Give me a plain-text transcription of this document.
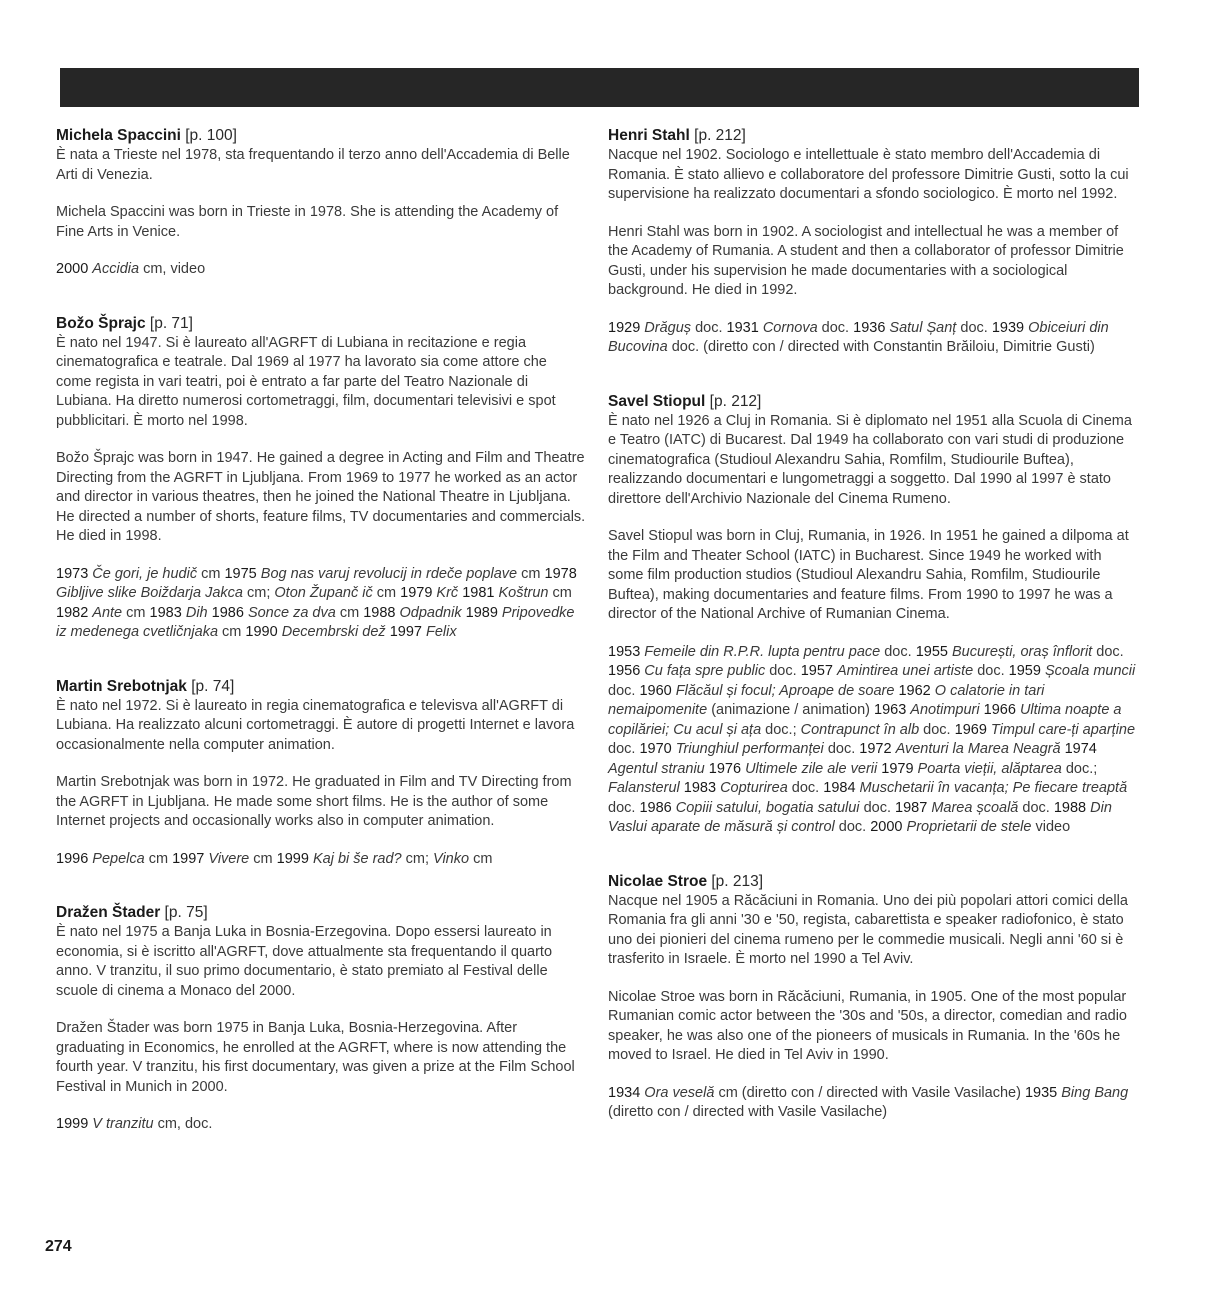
Michela Spaccini [p. 100]

È nata a Trieste nel 1978, sta frequentando il terzo anno dell'Accademia di Belle Arti di Venezia.

Michela Spaccini was born in Trieste in 1978. She is attending the Academy of Fine Arts in Venice.

2000 Accidia cm, video

Božo Šprajc [p. 71]

È nato nel 1947. Si è laureato all'AGRFT di Lubiana in recitazione e regia cinematografica e teatrale. Dal 1969 al 1977 ha lavorato sia come attore che come regista in vari teatri, poi è entrato a far parte del Teatro Nazionale di Lubiana. Ha diretto numerosi cortometraggi, film, documentari televisivi e spot pubblicitari. È morto nel 1998.

Božo Šprajc was born in 1947. He gained a degree in Acting and Film and Theatre Directing from the AGRFT in Ljubljana. From 1969 to 1977 he worked as an actor and director in various theatres, then he joined the National Theatre in Ljubljana. He directed a number of shorts, feature films, TV documentaries and commercials. He died in 1998.

1973 Če gori, je hudič cm 1975 Bog nas varuj revolucij in rdeče poplave cm 1978 Gibljive slike Boiždarja Jakca cm; Oton Županč ič cm 1979 Krč 1981 Koštrun cm 1982 Ante cm 1983 Dih 1986 Sonce za dva cm 1988 Odpadnik 1989 Pripovedke iz medenega cvetličnjaka cm 1990 Decembrski dež 1997 Felix

Martin Srebotnjak [p. 74]

È nato nel 1972. Si è laureato in regia cinematografica e televisva all'AGRFT di Lubiana. Ha realizzato alcuni cortometraggi. È autore di progetti Internet e lavora occasionalmente nella computer animation.

Martin Srebotnjak was born in 1972. He graduated in Film and TV Directing from the AGRFT in Ljubljana. He made some short films. He is the author of some Internet projects and occasionally works also in computer animation.

1996 Pepelca cm 1997 Vivere cm 1999 Kaj bi še rad? cm; Vinko cm

Dražen Štader [p. 75]

È nato nel 1975 a Banja Luka in Bosnia-Erzegovina. Dopo essersi laureato in economia, si è iscritto all'AGRFT, dove attualmente sta frequentando il quarto anno. V tranzitu, il suo primo documentario, è stato premiato al Festival delle scuole di cinema a Monaco del 2000.

Dražen Štader was born 1975 in Banja Luka, Bosnia-Herzegovina. After graduating in Economics, he enrolled at the AGRFT, where is now attending the fourth year. V tranzitu, his first documentary, was given a prize at the Film School Festival in Munich in 2000.

1999 V tranzitu cm, doc.

Henri Stahl [p. 212]

Nacque nel 1902. Sociologo e intellettuale è stato membro dell'Accademia di Romania. È stato allievo e collaboratore del professore Dimitrie Gusti, sotto la cui supervisione ha realizzato documentari a sfondo sociologico. È morto nel 1992.

Henri Stahl was born in 1902. A sociologist and intellectual he was a member of the Academy of Rumania. A student and then a collaborator of professor Dimitrie Gusti, under his supervision he made documentaries with a sociological background. He died in 1992.

1929 Drăguș doc. 1931 Cornova doc. 1936 Satul Șanț doc. 1939 Obiceiuri din Bucovina doc. (diretto con / directed with Constantin Brăiloiu, Dimitrie Gusti)

Savel Stiopul [p. 212]

È nato nel 1926 a Cluj in Romania. Si è diplomato nel 1951 alla Scuola di Cinema e Teatro (IATC) di Bucarest. Dal 1949 ha collaborato con vari studi di produzione cinematografica (Studioul Alexandru Sahia, Romfilm, Studiourile Buftea), realizzando documentari e lungometraggi a soggetto. Dal 1990 al 1997 è stato direttore dell'Archivio Nazionale del Cinema Rumeno.

Savel Stiopul was born in Cluj, Rumania, in 1926. In 1951 he gained a dilpoma at the Film and Theater School (IATC) in Bucharest. Since 1949 he worked with some film production studios (Studioul Alexandru Sahia, Romfilm, Studiourile Buftea), making documentaries and feature films. From 1990 to 1997 he was a director of the National Archive of Rumanian Cinema.

1953 Femeile din R.P.R. lupta pentru pace doc. 1955 București, oraș înflorit doc. 1956 Cu fața spre public doc. 1957 Amintirea unei artiste doc. 1959 Școala muncii doc. 1960 Flăcăul și focul; Aproape de soare 1962 O calatorie in tari nemaipomenite (animazione / animation) 1963 Anotimpuri 1966 Ultima noapte a copilăriei; Cu acul și ața doc.; Contrapunct în alb doc. 1969 Timpul care-ți aparține doc. 1970 Triunghiul performanței doc. 1972 Aventuri la Marea Neagră 1974 Agentul straniu 1976 Ultimele zile ale verii 1979 Poarta vieții, alăptarea doc.; Falansterul 1983 Copturirea doc. 1984 Muschetarii în vacanța; Pe fiecare treaptă doc. 1986 Copiii satului, bogatia satului doc. 1987 Marea școală doc. 1988 Din Vaslui aparate de măsură și control doc. 2000 Proprietarii de stele video

Nicolae Stroe [p. 213]

Nacque nel 1905 a Răcăciuni in Romania. Uno dei più popolari attori comici della Romania fra gli anni '30 e '50, regista, cabarettista e speaker radiofonico, è stato uno dei pionieri del cinema rumeno per le commedie musicali. Negli anni '60 si è trasferito in Israele. È morto nel 1990 a Tel Aviv.

Nicolae Stroe was born in Răcăciuni, Rumania, in 1905. One of the most popular Rumanian comic actor between the '30s and '50s, a director, comedian and radio speaker, he was also one of the pioneers of musicals in Rumania. In the '60s he moved to Israel. He died in Tel Aviv in 1990.

1934 Ora veselă cm (diretto con / directed with Vasile Vasilache) 1935 Bing Bang (diretto con / directed with Vasile Vasilache)

274
